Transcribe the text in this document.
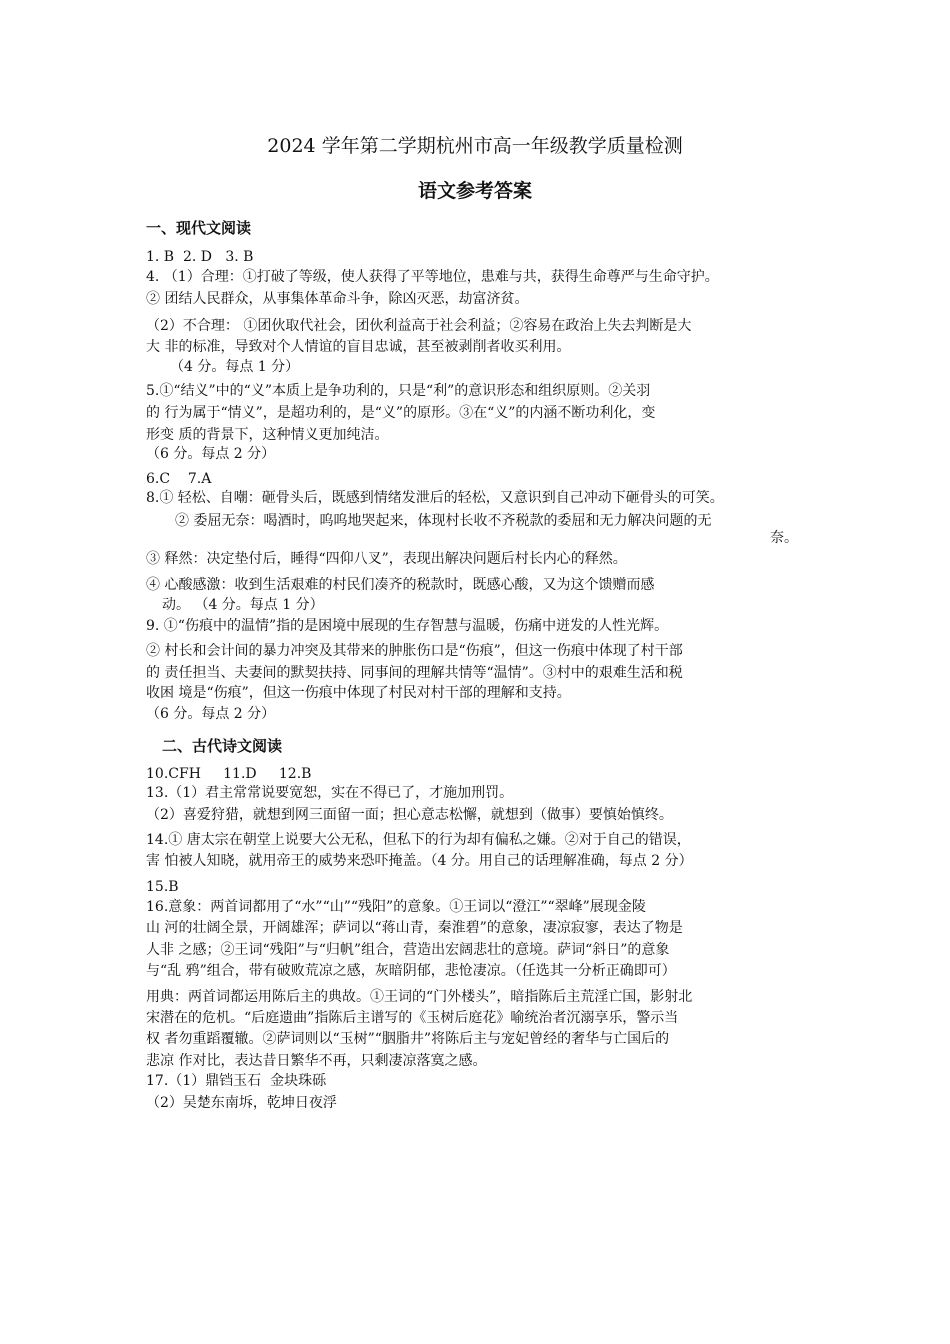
2024 学年第二学期杭州市高一年级教学质量检测
语文参考答案
一、现代文阅读
1. B  2. D   3. B
4. （1）合理：①打破了等级，使人获得了平等地位，患难与共，获得生命尊严与生命守护。
② 团结人民群众，从事集体革命斗争，除凶灭恶，劫富济贫。
（2）不合理： ①团伙取代社会，团伙利益高于社会利益；②容易在政治上失去判断是大
大 非的标准，导致对个人情谊的盲目忠诚，甚至被剥削者收买利用。
（4 分。每点 1 分）
5.①“结义”中的“义”本质上是争功利的，只是“利”的意识形态和组织原则。②关羽
的 行为属于“情义”，是超功利的，是“义”的原形。③在“义”的内涵不断功利化，变
形变 质的背景下，这种情义更加纯洁。
（6 分。每点 2 分）
6.C    7.A
8.① 轻松、自嘲：砸骨头后，既感到情绪发泄后的轻松，又意识到自己冲动下砸骨头的可笑。
② 委屈无奈：喝酒时，呜呜地哭起来，体现村长收不齐税款的委屈和无力解决问题的无
奈。
③ 释然：决定垫付后，睡得“四仰八叉”，表现出解决问题后村长内心的释然。
④ 心酸感激：收到生活艰难的村民们凑齐的税款时，既感心酸，又为这个馈赠而感
动。 （4 分。每点 1 分）
9. ①“伤痕中的温情”指的是困境中展现的生存智慧与温暖，伤痛中迸发的人性光辉。
② 村长和会计间的暴力冲突及其带来的肿胀伤口是“伤痕”，但这一伤痕中体现了村干部
的 责任担当、夫妻间的默契扶持、同事间的理解共情等“温情”。③村中的艰难生活和税
收困 境是“伤痕”，但这一伤痕中体现了村民对村干部的理解和支持。
（6 分。每点 2 分）
二、古代诗文阅读
10.CFH     11.D     12.B
13.（1）君主常常说要宽恕，实在不得已了，才施加刑罚。
（2）喜爱狩猎，就想到网三面留一面；担心意志松懈，就想到（做事）要慎始慎终。
14.① 唐太宗在朝堂上说要大公无私，但私下的行为却有偏私之嫌。②对于自己的错误，
害 怕被人知晓，就用帝王的威势来恐吓掩盖。（4 分。用自己的话理解准确，每点 2 分）
15.B
16.意象：两首词都用了“水”“山”“残阳”的意象。①王词以“澄江”“翠峰”展现金陵
山 河的壮阔全景，开阔雄浑；萨词以“蒋山青，秦淮碧”的意象，凄凉寂寥，表达了物是
人非 之感；②王词“残阳”与“归帆”组合，营造出宏阔悲壮的意境。萨词“斜日”的意象
与“乱 鸦”组合，带有破败荒凉之感，灰暗阴郁，悲怆凄凉。（任选其一分析正确即可）
用典：两首词都运用陈后主的典故。①王词的“门外楼头”，暗指陈后主荒淫亡国，影射北
宋潜在的危机。“后庭遗曲”指陈后主谱写的《玉树后庭花》喻统治者沉溺享乐，警示当
权 者勿重蹈覆辙。②萨词则以“玉树”“胭脂井”将陈后主与宠妃曾经的奢华与亡国后的
悲凉 作对比，表达昔日繁华不再，只剩凄凉落寞之感。
17.（1）鼎铛玉石  金块珠砾
（2）吴楚东南坼，乾坤日夜浮
